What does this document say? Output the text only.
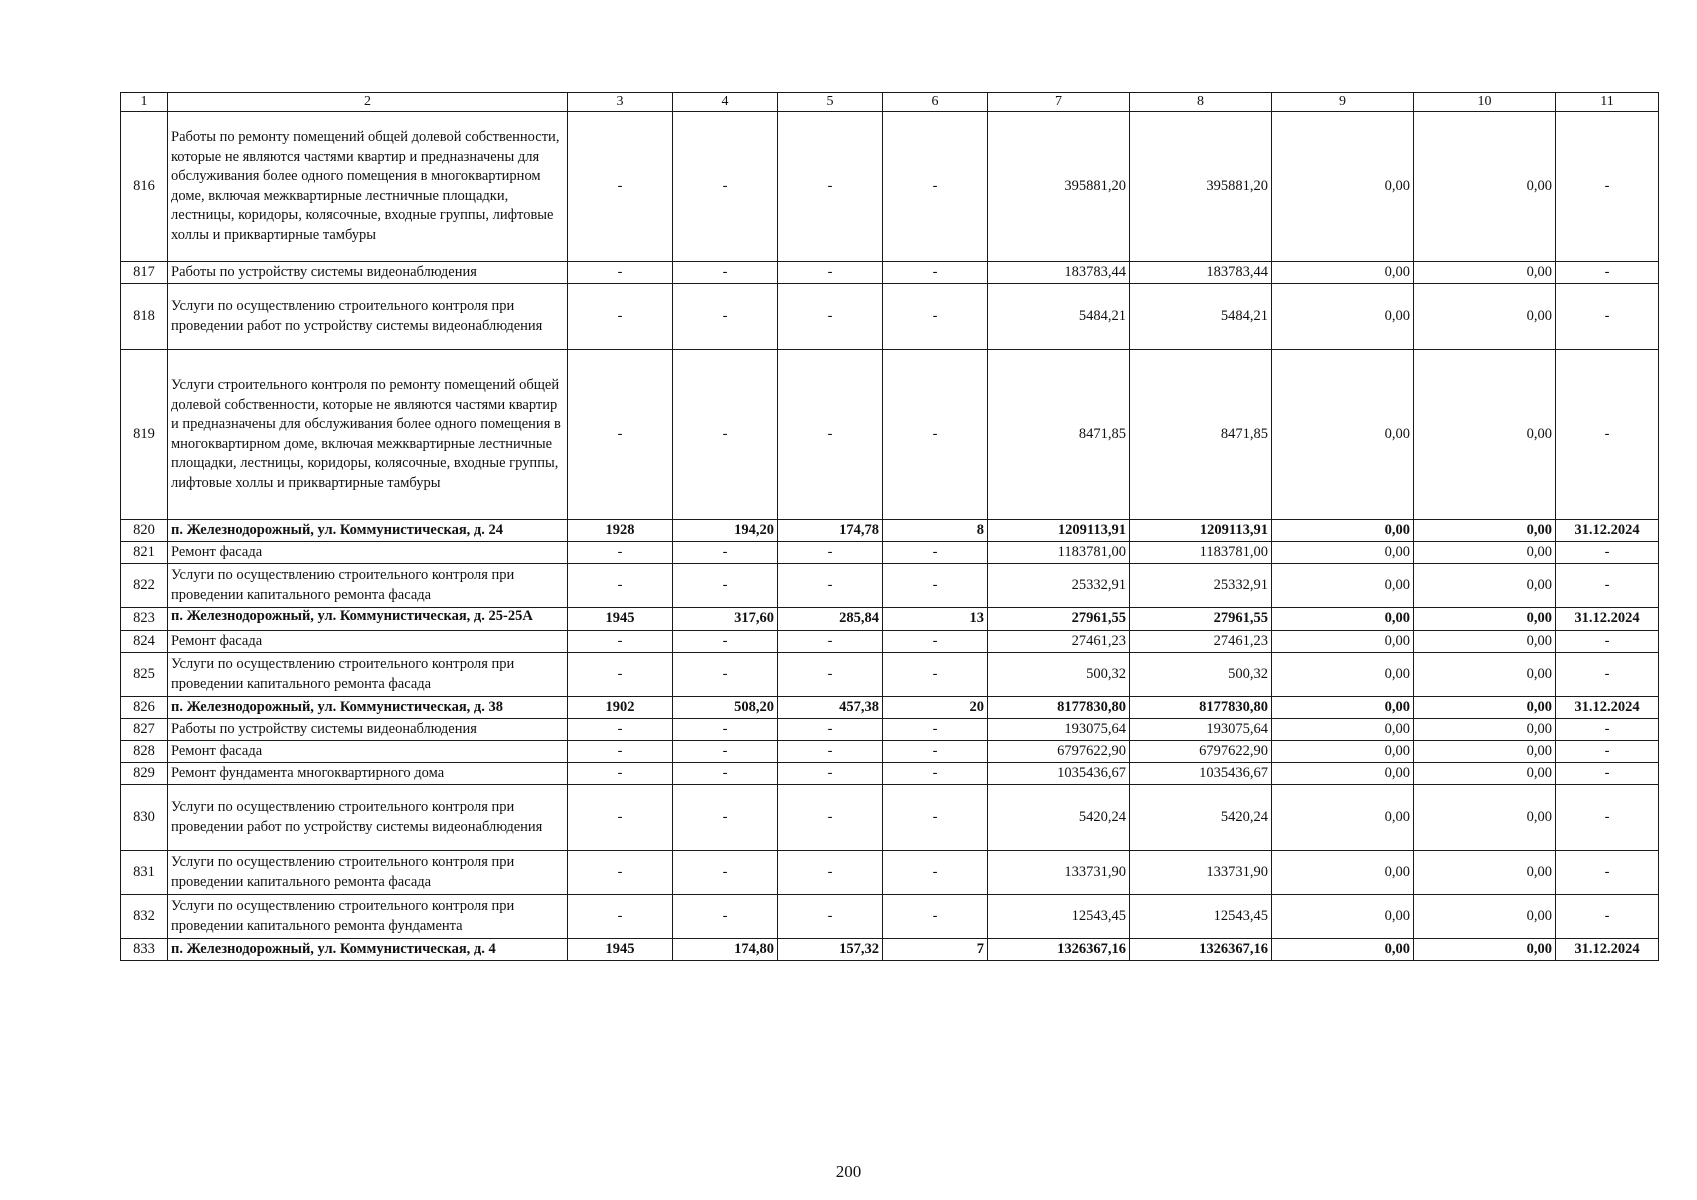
1	2	3	4	5	6	7	8	9	10	11
816	Работы по ремонту помещений общей долевой собственности, которые не являются частями квартир и предназначены для обслуживания более одного помещения в многоквартирном доме, включая межквартирные лестничные площадки, лестницы, коридоры, колясочные, входные группы, лифтовые холлы и приквартирные тамбуры	-	-	-	-	395881,20	395881,20	0,00	0,00	-
817	Работы по устройству системы видеонаблюдения	-	-	-	-	183783,44	183783,44	0,00	0,00	-
818	Услуги по осуществлению строительного контроля при проведении работ по устройству системы видеонаблюдения	-	-	-	-	5484,21	5484,21	0,00	0,00	-
819	Услуги строительного контроля по ремонту помещений общей долевой собственности, которые не являются частями квартир и предназначены для обслуживания более одного помещения в многоквартирном доме, включая межквартирные лестничные площадки, лестницы, коридоры, колясочные, входные группы, лифтовые холлы и приквартирные тамбуры	-	-	-	-	8471,85	8471,85	0,00	0,00	-
820	п. Железнодорожный, ул. Коммунистическая, д. 24	1928	194,20	174,78	8	1209113,91	1209113,91	0,00	0,00	31.12.2024
821	Ремонт фасада	-	-	-	-	1183781,00	1183781,00	0,00	0,00	-
822	Услуги по осуществлению строительного контроля при проведении капитального ремонта фасада	-	-	-	-	25332,91	25332,91	0,00	0,00	-
823	п. Железнодорожный, ул. Коммунистическая, д. 25-25А	1945	317,60	285,84	13	27961,55	27961,55	0,00	0,00	31.12.2024
824	Ремонт фасада	-	-	-	-	27461,23	27461,23	0,00	0,00	-
825	Услуги по осуществлению строительного контроля при проведении капитального ремонта фасада	-	-	-	-	500,32	500,32	0,00	0,00	-
826	п. Железнодорожный, ул. Коммунистическая, д. 38	1902	508,20	457,38	20	8177830,80	8177830,80	0,00	0,00	31.12.2024
827	Работы по устройству системы видеонаблюдения	-	-	-	-	193075,64	193075,64	0,00	0,00	-
828	Ремонт фасада	-	-	-	-	6797622,90	6797622,90	0,00	0,00	-
829	Ремонт фундамента многоквартирного дома	-	-	-	-	1035436,67	1035436,67	0,00	0,00	-
830	Услуги по осуществлению строительного контроля при проведении работ по устройству системы видеонаблюдения	-	-	-	-	5420,24	5420,24	0,00	0,00	-
831	Услуги по осуществлению строительного контроля при проведении капитального ремонта фасада	-	-	-	-	133731,90	133731,90	0,00	0,00	-
832	Услуги по осуществлению строительного контроля при проведении капитального ремонта фундамента	-	-	-	-	12543,45	12543,45	0,00	0,00	-
833	п. Железнодорожный, ул. Коммунистическая, д. 4	1945	174,80	157,32	7	1326367,16	1326367,16	0,00	0,00	31.12.2024
200
